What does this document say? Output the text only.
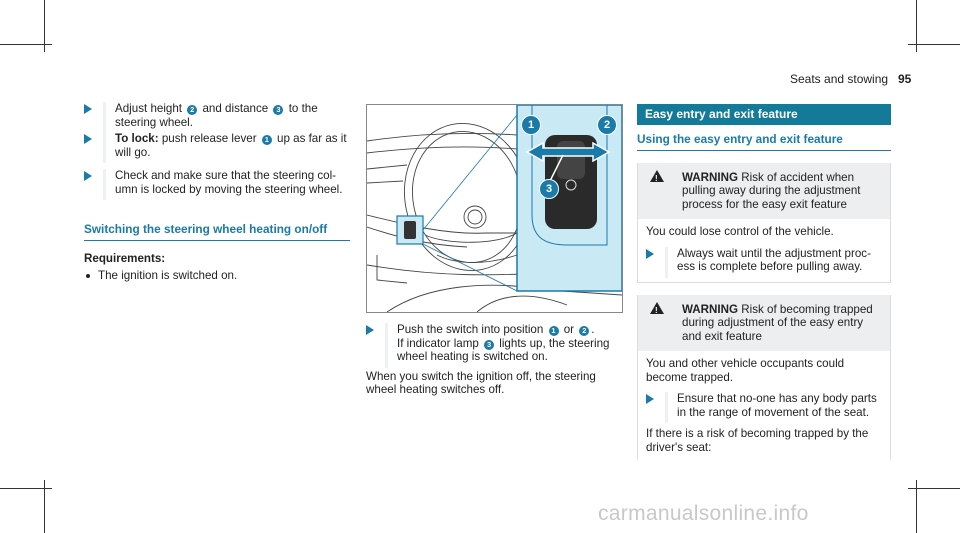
Seats and stowing 95
Adjust height 2 and distance 3 to the steering wheel.
To lock: push release lever 1 up as far as it will go.
Check and make sure that the steering col- umn is locked by moving the steering wheel.
Switching the steering wheel heating on/off
Requirements:
The ignition is switched on.
1	2
3
Push the switch into position 1 or 2 .
If indicator lamp 3 lights up, the steering wheel heating is switched on.
When you switch the ignition off, the steering wheel heating switches off.
Easy entry and exit feature
Using the easy entry and exit feature
! WARNING Risk of accident when pulling away during the adjustment process for the easy exit feature
You could lose control of the vehicle.
Always wait until the adjustment proc- ess is complete before pulling away.
! WARNING Risk of becoming trapped during adjustment of the easy entry and exit feature
You and other vehicle occupants could become trapped.
Ensure that no-one has any body parts in the range of movement of the seat.
If there is a risk of becoming trapped by the driver's seat:
carmanualsonline.info
